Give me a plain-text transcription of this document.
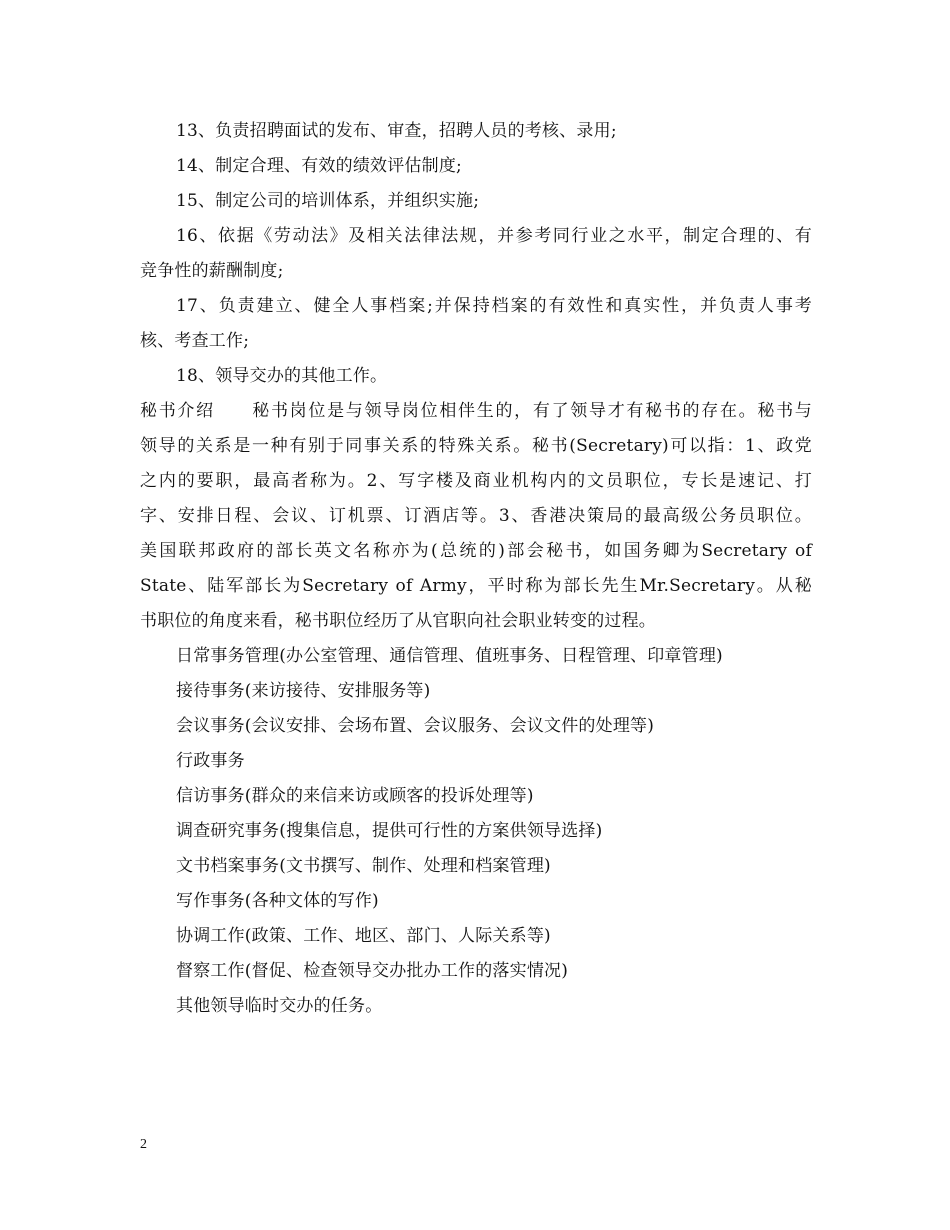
13、负责招聘面试的发布、审查，招聘人员的考核、录用;
14、制定合理、有效的绩效评估制度;
15、制定公司的培训体系，并组织实施;
16、依据《劳动法》及相关法律法规，并参考同行业之水平，制定合理的、有
竞争性的薪酬制度;
17、负责建立、健全人事档案;并保持档案的有效性和真实性，并负责人事考
核、考查工作;
18、领导交办的其他工作。
秘书介绍　　秘书岗位是与领导岗位相伴生的，有了领导才有秘书的存在。秘书与
领导的关系是一种有别于同事关系的特殊关系。秘书(Secretary)可以指：1、政党
之内的要职，最高者称为。2、写字楼及商业机构内的文员职位，专长是速记、打
字、安排日程、会议、订机票、订酒店等。3、香港决策局的最高级公务员职位。
美国联邦政府的部长英文名称亦为(总统的)部会秘书，如国务卿为Secretary of
State、陆军部长为Secretary of Army，平时称为部长先生Mr.Secretary。从秘
书职位的角度来看，秘书职位经历了从官职向社会职业转变的过程。
日常事务管理(办公室管理、通信管理、值班事务、日程管理、印章管理)
接待事务(来访接待、安排服务等)
会议事务(会议安排、会场布置、会议服务、会议文件的处理等)
行政事务
信访事务(群众的来信来访或顾客的投诉处理等)
调查研究事务(搜集信息，提供可行性的方案供领导选择)
文书档案事务(文书撰写、制作、处理和档案管理)
写作事务(各种文体的写作)
协调工作(政策、工作、地区、部门、人际关系等)
督察工作(督促、检查领导交办批办工作的落实情况)
其他领导临时交办的任务。
2
